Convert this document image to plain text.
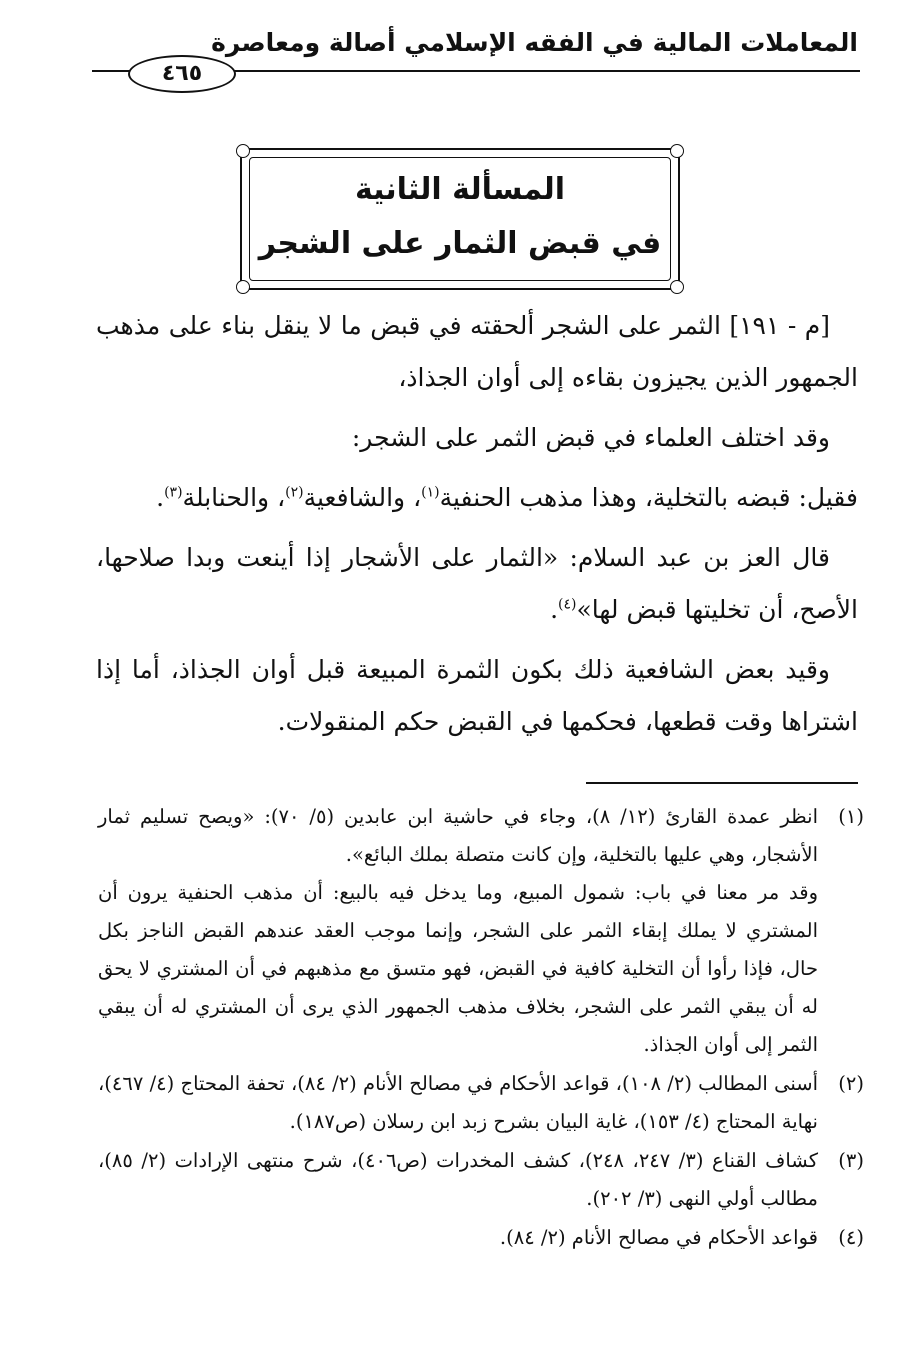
المعاملات المالية في الفقه الإسلامي أصالة ومعاصرة
٤٦٥
المسألة الثانية
في قبض الثمار على الشجر

[م - ١٩١] الثمر على الشجر ألحقته في قبض ما لا ينقل بناء على مذهب الجمهور الذين يجيزون بقاءه إلى أوان الجذاذ،

وقد اختلف العلماء في قبض الثمر على الشجر:

فقيل: قبضه بالتخلية، وهذا مذهب الحنفية$^{(١)}$، والشافعية$^{(٢)}$، والحنابلة$^{(٣)}$.

قال العز بن عبد السلام: «الثمار على الأشجار إذا أينعت وبدا صلاحها، الأصح، أن تخليتها قبض لها»$^{(٤)}$.

وقيد بعض الشافعية ذلك بكون الثمرة المبيعة قبل أوان الجذاذ، أما إذا اشتراها وقت قطعها، فحكمها في القبض حكم المنقولات.

(١)

انظر عمدة القارئ (١٢/ ٨)، وجاء في حاشية ابن عابدين (٥/ ٧٠): «ويصح تسليم ثمار الأشجار، وهي عليها بالتخلية، وإن كانت متصلة بملك البائع».

وقد مر معنا في باب: شمول المبيع، وما يدخل فيه بالبيع: أن مذهب الحنفية يرون أن المشتري لا يملك إبقاء الثمر على الشجر، وإنما موجب العقد عندهم القبض الناجز بكل حال، فإذا رأوا أن التخلية كافية في القبض، فهو متسق مع مذهبهم في أن المشتري لا يحق له أن يبقي الثمر على الشجر، بخلاف مذهب الجمهور الذي يرى أن المشتري له أن يبقي الثمر إلى أوان الجذاذ.

(٢)

أسنى المطالب (٢/ ١٠٨)، قواعد الأحكام في مصالح الأنام (٢/ ٨٤)، تحفة المحتاج (٤/ ٤٦٧)، نهاية المحتاج (٤/ ١٥٣)، غاية البيان بشرح زبد ابن رسلان (ص١٨٧).

(٣)

كشاف القناع (٣/ ٢٤٧، ٢٤٨)، كشف المخدرات (ص٤٠٦)، شرح منتهى الإرادات (٢/ ٨٥)، مطالب أولي النهى (٣/ ٢٠٢).

(٤)

قواعد الأحكام في مصالح الأنام (٢/ ٨٤).
